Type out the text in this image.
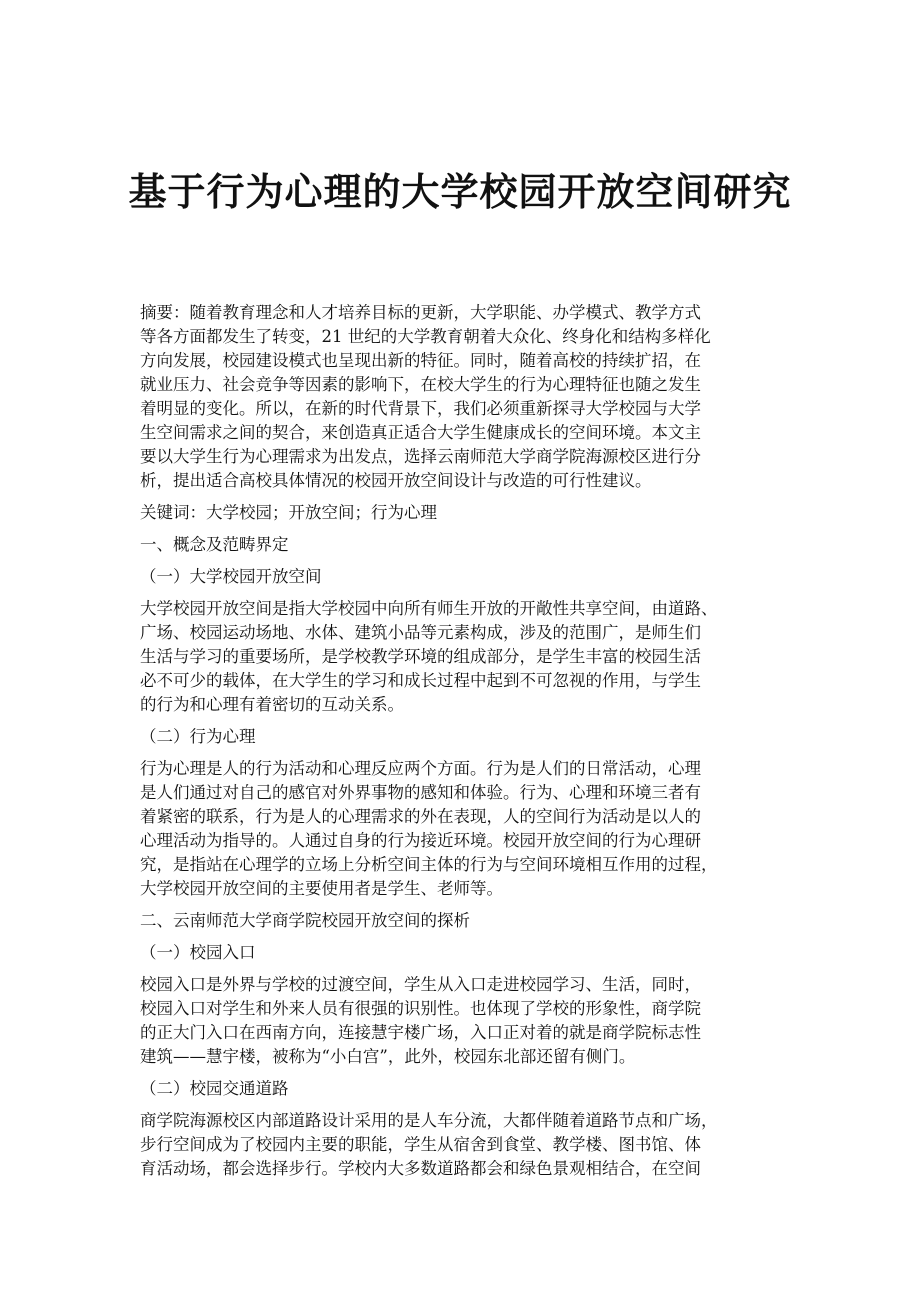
基于行为心理的大学校园开放空间研究
摘要：随着教育理念和人才培养目标的更新，大学职能、办学模式、教学方式
等各方面都发生了转变，21 世纪的大学教育朝着大众化、终身化和结构多样化
方向发展，校园建设模式也呈现出新的特征。同时，随着高校的持续扩招，在
就业压力、社会竞争等因素的影响下，在校大学生的行为心理特征也随之发生
着明显的变化。所以，在新的时代背景下，我们必须重新探寻大学校园与大学
生空间需求之间的契合，来创造真正适合大学生健康成长的空间环境。本文主
要以大学生行为心理需求为出发点，选择云南师范大学商学院海源校区进行分
析，提出适合高校具体情况的校园开放空间设计与改造的可行性建议。
关键词：大学校园；开放空间；行为心理
一、概念及范畴界定
（一）大学校园开放空间
大学校园开放空间是指大学校园中向所有师生开放的开敞性共享空间，由道路、
广场、校园运动场地、水体、建筑小品等元素构成，涉及的范围广，是师生们
生活与学习的重要场所，是学校教学环境的组成部分，是学生丰富的校园生活
必不可少的载体，在大学生的学习和成长过程中起到不可忽视的作用，与学生
的行为和心理有着密切的互动关系。
（二）行为心理
行为心理是人的行为活动和心理反应两个方面。行为是人们的日常活动，心理
是人们通过对自己的感官对外界事物的感知和体验。行为、心理和环境三者有
着紧密的联系，行为是人的心理需求的外在表现，人的空间行为活动是以人的
心理活动为指导的。人通过自身的行为接近环境。校园开放空间的行为心理研
究，是指站在心理学的立场上分析空间主体的行为与空间环境相互作用的过程，
大学校园开放空间的主要使用者是学生、老师等。
二、云南师范大学商学院校园开放空间的探析
（一）校园入口
校园入口是外界与学校的过渡空间，学生从入口走进校园学习、生活，同时，
校园入口对学生和外来人员有很强的识别性。也体现了学校的形象性，商学院
的正大门入口在西南方向，连接慧宇楼广场，入口正对着的就是商学院标志性
建筑——慧宇楼，被称为“小白宫”，此外，校园东北部还留有侧门。
（二）校园交通道路
商学院海源校区内部道路设计采用的是人车分流，大都伴随着道路节点和广场，
步行空间成为了校园内主要的职能，学生从宿舍到食堂、教学楼、图书馆、体
育活动场，都会选择步行。学校内大多数道路都会和绿色景观相结合，在空间
